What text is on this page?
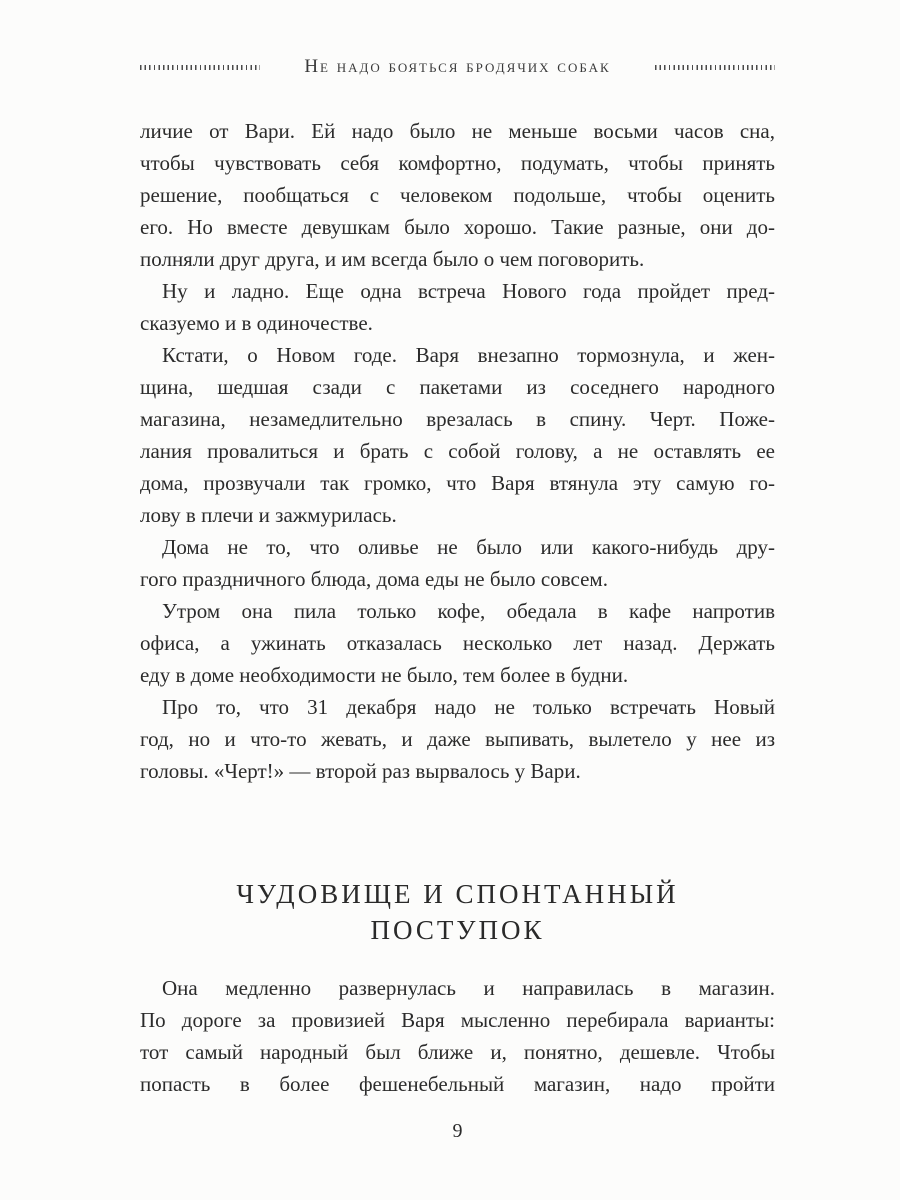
Не надо бояться бродячих собак
личие от Вари. Ей надо было не меньше восьми часов сна,
чтобы чувствовать себя комфортно, подумать, чтобы принять
решение, пообщаться с человеком подольше, чтобы оценить
его. Но вместе девушкам было хорошо. Такие разные, они до-
полняли друг друга, и им всегда было о чем поговорить.
Ну и ладно. Еще одна встреча Нового года пройдет пред-
сказуемо и в одиночестве.
Кстати, о Новом годе. Варя внезапно тормознула, и жен-
щина, шедшая сзади с пакетами из соседнего народного
магазина, незамедлительно врезалась в спину. Черт. Поже-
лания провалиться и брать с собой голову, а не оставлять ее
дома, прозвучали так громко, что Варя втянула эту самую го-
лову в плечи и зажмурилась.
Дома не то, что оливье не было или какого-нибудь дру-
гого праздничного блюда, дома еды не было совсем.
Утром она пила только кофе, обедала в кафе напротив
офиса, а ужинать отказалась несколько лет назад. Держать
еду в доме необходимости не было, тем более в будни.
Про то, что 31 декабря надо не только встречать Новый
год, но и что-то жевать, и даже выпивать, вылетело у нее из
головы. «Черт!» — второй раз вырвалось у Вари.
ЧУДОВИЩЕ И СПОНТАННЫЙ
ПОСТУПОК
Она медленно развернулась и направилась в магазин.
По дороге за провизией Варя мысленно перебирала варианты:
тот самый народный был ближе и, понятно, дешевле. Чтобы
попасть в более фешенебельный магазин, надо пройти
9
